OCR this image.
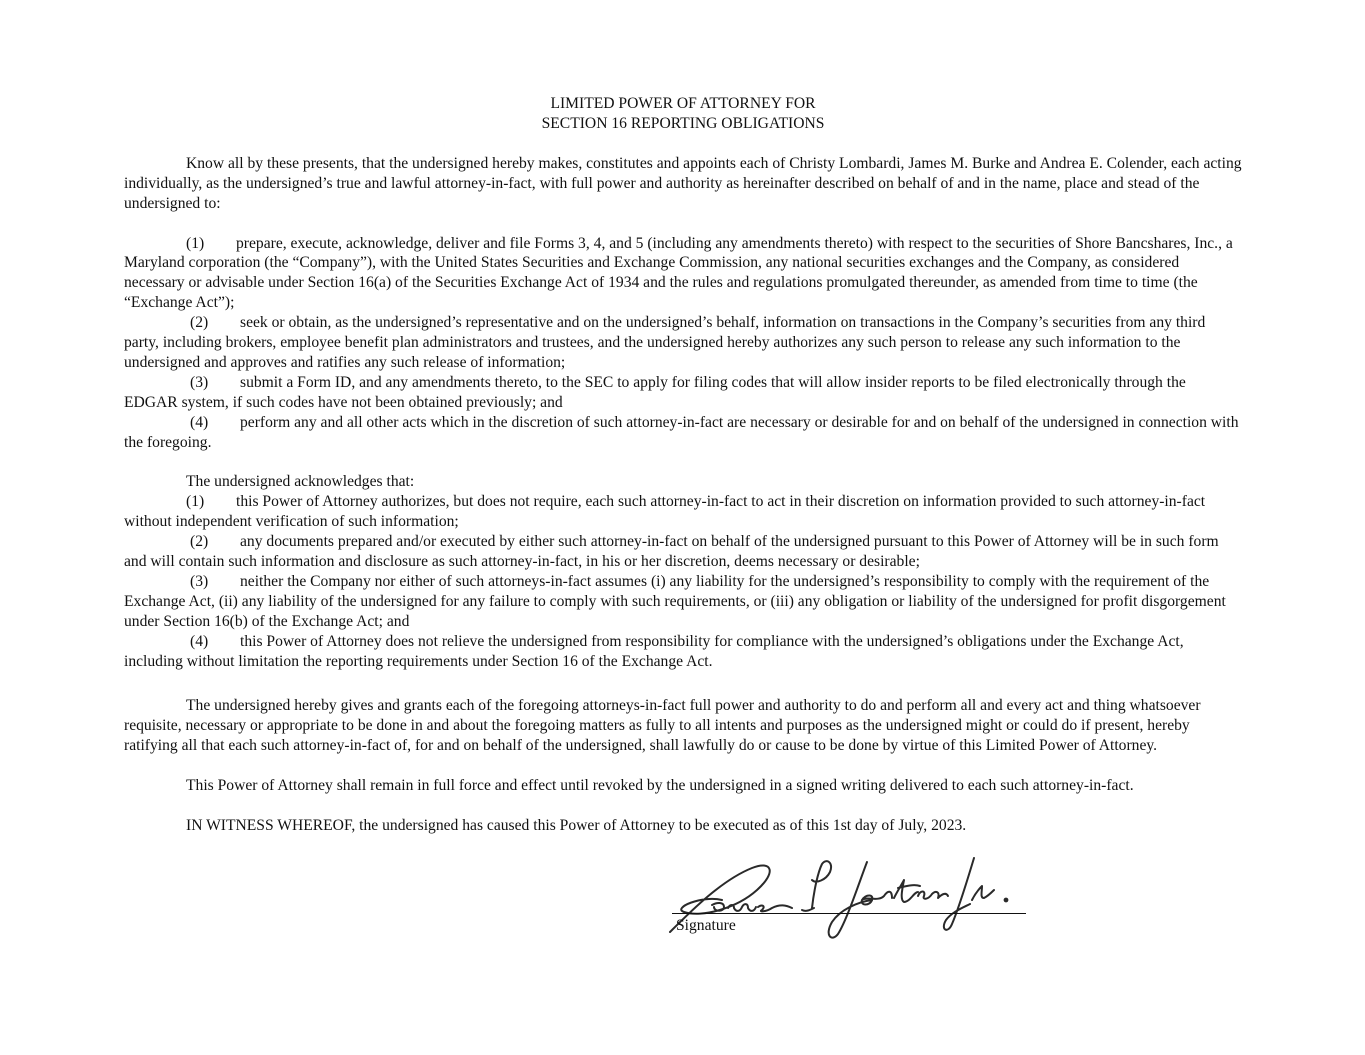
LIMITED POWER OF ATTORNEY FOR
SECTION 16 REPORTING OBLIGATIONS

Know all by these presents, that the undersigned hereby makes, constitutes and appoints each of Christy Lombardi, James M. Burke and Andrea E. Colender, each acting individually, as the undersigned’s true and lawful attorney-in-fact, with full power and authority as hereinafter described on behalf of and in the name, place and stead of the undersigned to:

(1) prepare, execute, acknowledge, deliver and file Forms 3, 4, and 5 (including any amendments thereto) with respect to the securities of Shore Bancshares, Inc., a Maryland corporation (the “Company”), with the United States Securities and Exchange Commission, any national securities exchanges and the Company, as considered necessary or advisable under Section 16(a) of the Securities Exchange Act of 1934 and the rules and regulations promulgated thereunder, as amended from time to time (the “Exchange Act”);

(2) seek or obtain, as the undersigned’s representative and on the undersigned’s behalf, information on transactions in the Company’s securities from any third party, including brokers, employee benefit plan administrators and trustees, and the undersigned hereby authorizes any such person to release any such information to the undersigned and approves and ratifies any such release of information;

(3) submit a Form ID, and any amendments thereto, to the SEC to apply for filing codes that will allow insider reports to be filed electronically through the EDGAR system, if such codes have not been obtained previously; and

(4) perform any and all other acts which in the discretion of such attorney-in-fact are necessary or desirable for and on behalf of the undersigned in connection with the foregoing.

The undersigned acknowledges that:

(1) this Power of Attorney authorizes, but does not require, each such attorney-in-fact to act in their discretion on information provided to such attorney-in-fact without independent verification of such information;

(2) any documents prepared and/or executed by either such attorney-in-fact on behalf of the undersigned pursuant to this Power of Attorney will be in such form and will contain such information and disclosure as such attorney-in-fact, in his or her discretion, deems necessary or desirable;

(3) neither the Company nor either of such attorneys-in-fact assumes (i) any liability for the undersigned’s responsibility to comply with the requirement of the Exchange Act, (ii) any liability of the undersigned for any failure to comply with such requirements, or (iii) any obligation or liability of the undersigned for profit disgorgement under Section 16(b) of the Exchange Act; and

(4) this Power of Attorney does not relieve the undersigned from responsibility for compliance with the undersigned’s obligations under the Exchange Act, including without limitation the reporting requirements under Section 16 of the Exchange Act.

The undersigned hereby gives and grants each of the foregoing attorneys-in-fact full power and authority to do and perform all and every act and thing whatsoever requisite, necessary or appropriate to be done in and about the foregoing matters as fully to all intents and purposes as the undersigned might or could do if present, hereby ratifying all that each such attorney-in-fact of, for and on behalf of the undersigned, shall lawfully do or cause to be done by virtue of this Limited Power of Attorney.

This Power of Attorney shall remain in full force and effect until revoked by the undersigned in a signed writing delivered to each such attorney-in-fact.

IN WITNESS WHEREOF, the undersigned has caused this Power of Attorney to be executed as of this 1st day of July, 2023.

Signature
